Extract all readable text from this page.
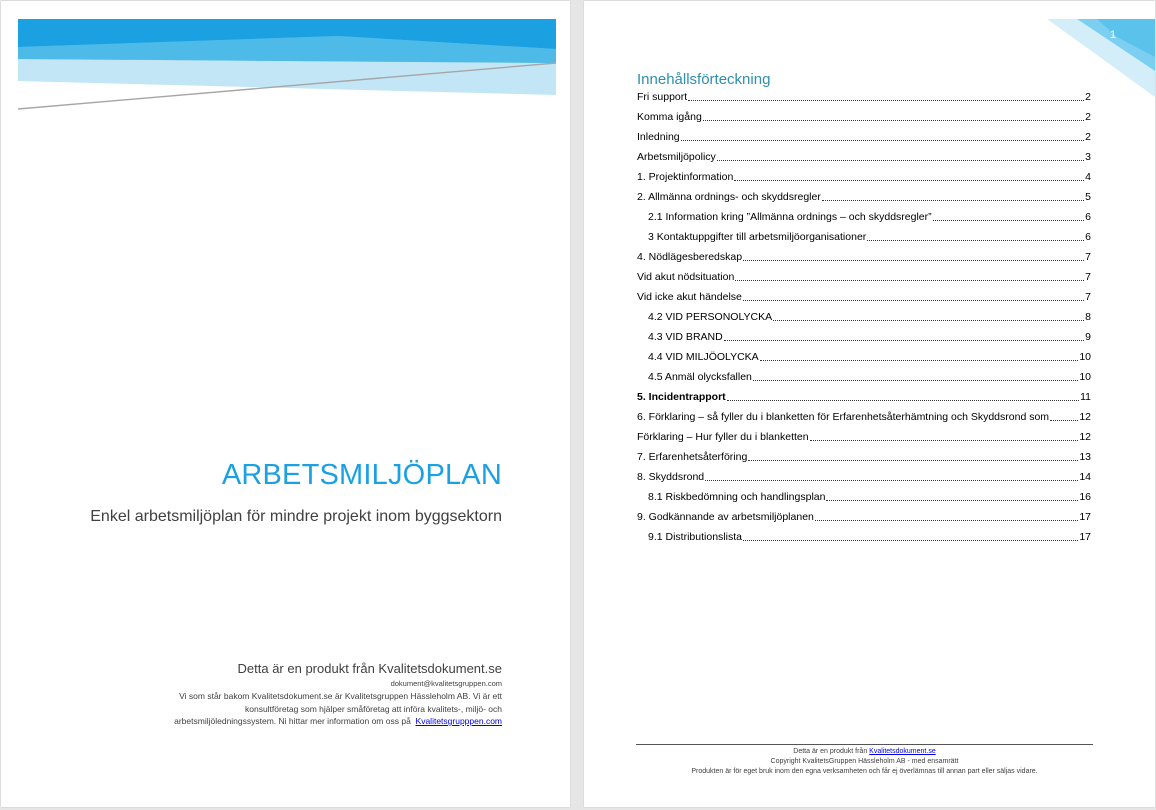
ARBETSMILJÖPLAN
Enkel arbetsmiljöplan för mindre projekt inom byggsektorn
Detta är en produkt från Kvalitetsdokument.se
dokument@kvalitetsgruppen.com
Vi som står bakom Kvalitetsdokument.se är Kvalitetsgruppen Hässleholm AB. Vi är ett
konsultföretag som hjälper småföretag att införa kvalitets-, miljö- och
arbetsmiljöledningssystem. Ni hittar mer information om oss på Kvalitetsgrupppen.com
1
Innehållsförteckning
Fri support	2
Komma igång	2
Inledning	2
Arbetsmiljöpolicy	3
1. Projektinformation	4
2. Allmänna ordnings- och skyddsregler	5
2.1 Information kring ”Allmänna ordnings – och skyddsregler”	6
3 Kontaktuppgifter till arbetsmiljöorganisationer	6
4. Nödlägesberedskap	7
Vid akut nödsituation	7
Vid icke akut händelse	7
4.2 VID PERSONOLYCKA	8
4.3 VID BRAND	9
4.4 VID MILJÖOLYCKA	10
4.5 Anmäl olycksfallen	10
5. Incidentrapport	11
6. Förklaring – så fyller du i blanketten för Erfarenhetsåterhämtning och Skyddsrond som	12
Förklaring – Hur fyller du i blanketten	12
7. Erfarenhetsåterföring	13
8. Skyddsrond	14
8.1 Riskbedömning och handlingsplan	16
9. Godkännande av arbetsmiljöplanen	17
9.1 Distributionslista	17
Detta är en produkt från Kvalitetsdokument.se
Copyright KvalitetsGruppen Hässleholm AB - med ensamrätt
Produkten är för eget bruk inom den egna verksamheten och får ej överlämnas till annan part eller säljas vidare.
